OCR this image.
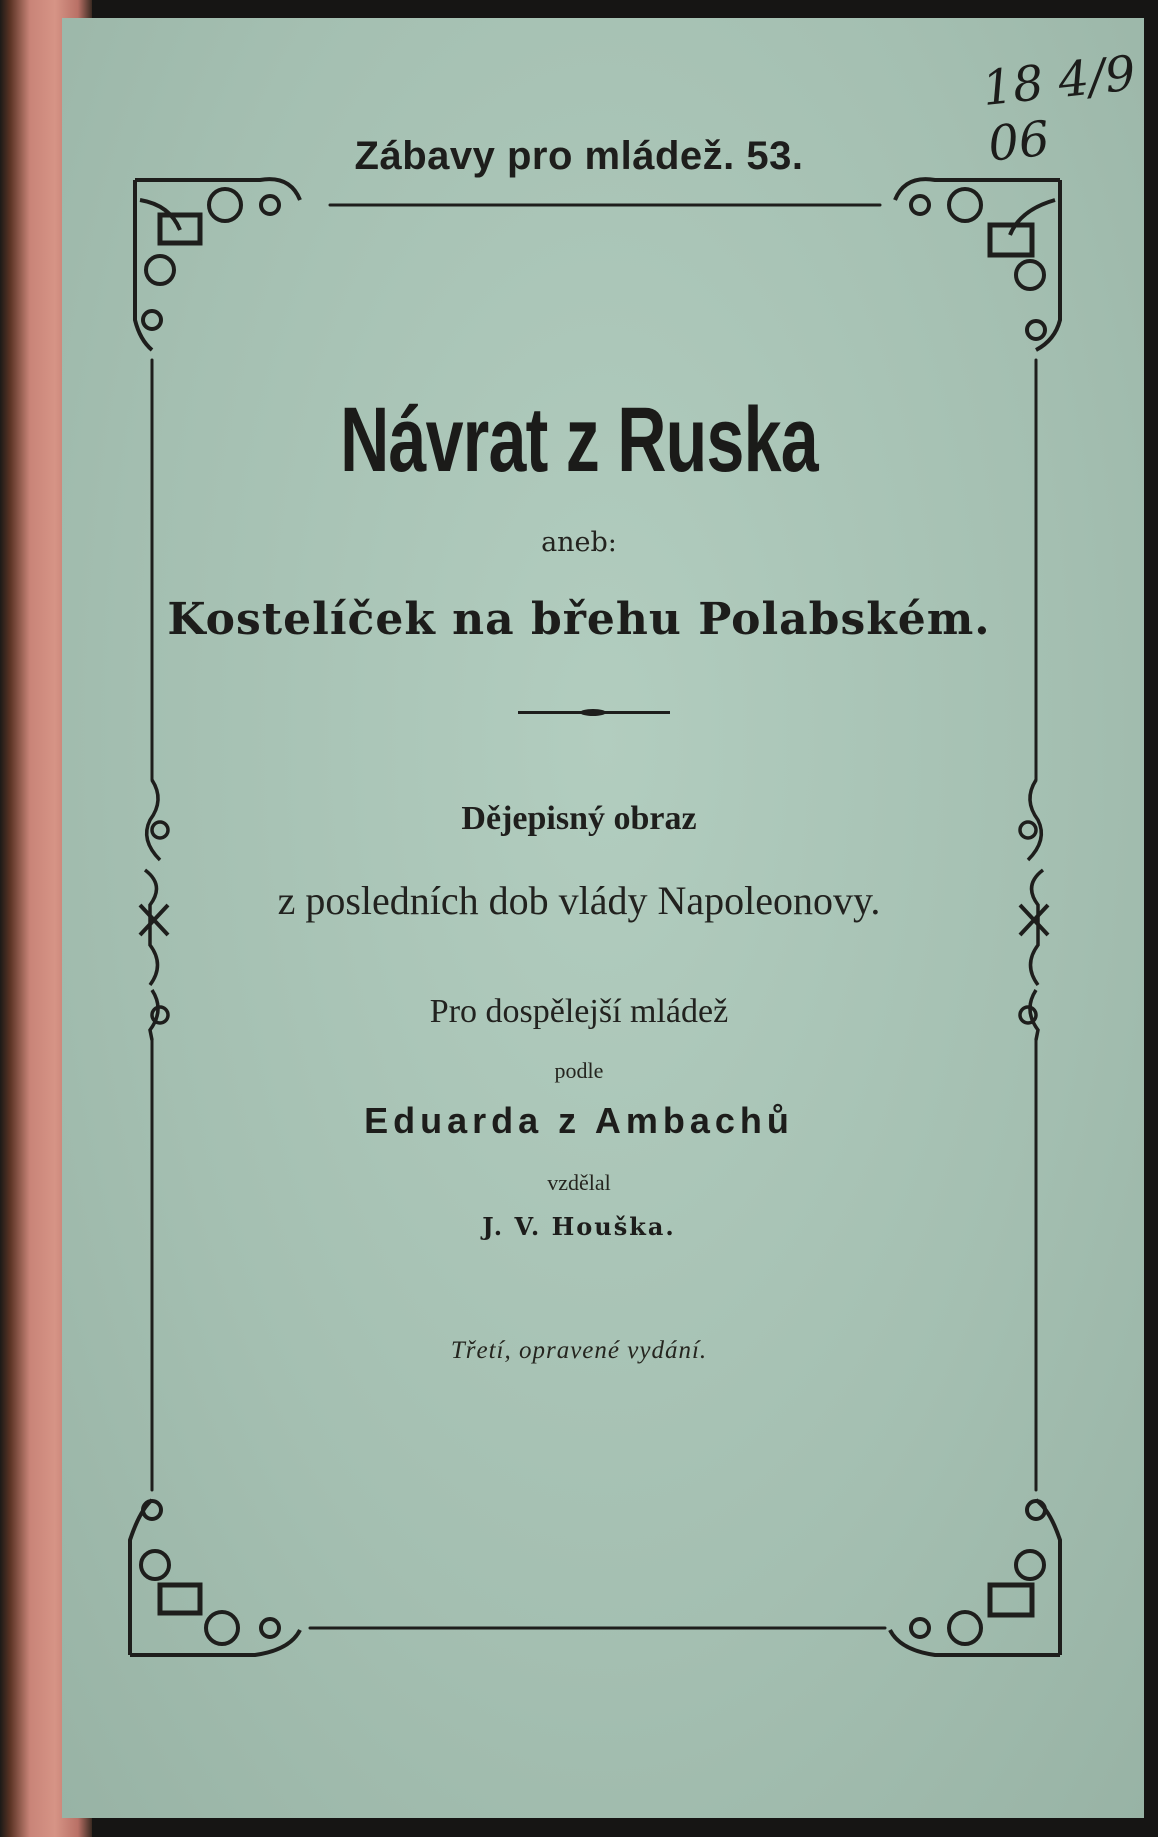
Zábavy pro mládež. 53.
18 4/9 06
Návrat z Ruska
aneb:
Kostelíček na břehu Polabském.
Dějepisný obraz
z posledních dob vlády Napoleonovy.
Pro dospělejší mládež
podle
Eduarda z Ambachů
vzdělal
J. V. Houška.
Třetí, opravené vydání.
